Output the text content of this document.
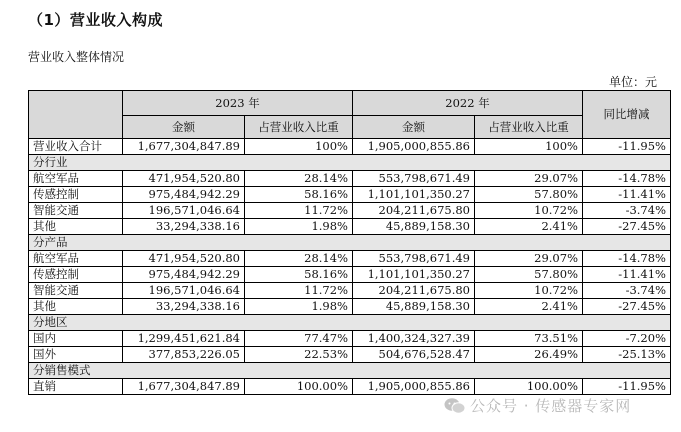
（1）营业收入构成
营业收入整体情况
单位：元
	2023 年		2022 年		同比增减
	金额	占营业收入比重	金额	占营业收入比重	
营业收入合计	1,677,304,847.89	100%	1,905,000,855.86	100%	-11.95%
分行业					
航空军品	471,954,520.80	28.14%	553,798,671.49	29.07%	-14.78%
传感控制	975,484,942.29	58.16%	1,101,101,350.27	57.80%	-11.41%
智能交通	196,571,046.64	11.72%	204,211,675.80	10.72%	-3.74%
其他	33,294,338.16	1.98%	45,889,158.30	2.41%	-27.45%
分产品					
航空军品	471,954,520.80	28.14%	553,798,671.49	29.07%	-14.78%
传感控制	975,484,942.29	58.16%	1,101,101,350.27	57.80%	-11.41%
智能交通	196,571,046.64	11.72%	204,211,675.80	10.72%	-3.74%
其他	33,294,338.16	1.98%	45,889,158.30	2.41%	-27.45%
分地区					
国内	1,299,451,621.84	77.47%	1,400,324,327.39	73.51%	-7.20%
国外	377,853,226.05	22.53%	504,676,528.47	26.49%	-25.13%
分销售模式					
直销	1,677,304,847.89	100.00%	1,905,000,855.86	100.00%	-11.95%
公众号 · 传感器专家网
